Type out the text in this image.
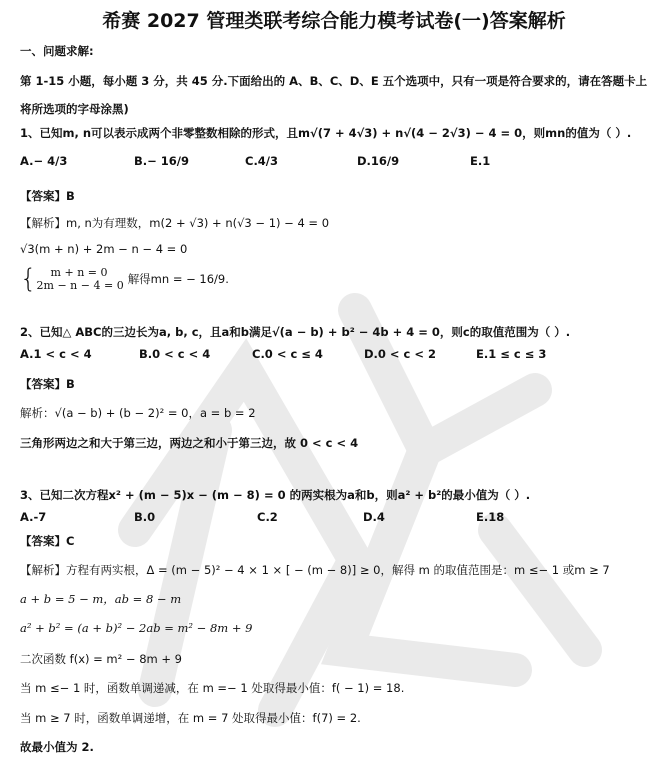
希赛 2027 管理类联考综合能力模考试卷(一)答案解析
一、问题求解:
第 1-15 小题，每小题 3 分，共 45 分.下面给出的 A、B、C、D、E 五个选项中，只有一项是符合要求的，请在答题卡上
将所选项的字母涂黑)
1、已知m, n可以表示成两个非零整数相除的形式，且m√(7 + 4√3) + n√(4 − 2√3) − 4 = 0，则mn的值为（ ）.
A.− 4/3	B.− 16/9	C.4/3	D.16/9	E.1
【答案】B
【解析】m, n为有理数，m(2 + √3) + n(√3 − 1) − 4 = 0
√3(m + n) + 2m − n − 4 = 0
{	m + n = 0
2m − n − 4 = 0 解得mn = − 16/9.
2、已知△ ABC的三边长为a, b, c，且a和b满足√(a − b) + b² − 4b + 4 = 0，则c的取值范围为（ ）.
A.1 < c < 4	B.0 < c < 4	C.0 < c ≤ 4	D.0 < c < 2	E.1 ≤ c ≤ 3
【答案】B
解析：√(a − b) + (b − 2)² = 0，a = b = 2
三角形两边之和大于第三边，两边之和小于第三边，故 0 < c < 4
3、已知二次方程x² + (m − 5)x − (m − 8) = 0 的两实根为a和b，则a² + b²的最小值为（ ）.
A.-7	B.0	C.2	D.4	E.18
【答案】C
【解析】方程有两实根，Δ = (m − 5)² − 4 × 1 × [ − (m − 8)] ≥ 0，解得 m 的取值范围是：m ≤− 1 或m ≥ 7
a + b = 5 − m，ab = 8 − m
a² + b² = (a + b)² − 2ab = m² − 8m + 9
二次函数 f(x) = m² − 8m + 9
当 m ≤− 1 时，函数单调递减，在 m =− 1 处取得最小值：f( − 1) = 18.
当 m ≥ 7 时，函数单调递增，在 m = 7 处取得最小值：f(7) = 2.
故最小值为 2.
